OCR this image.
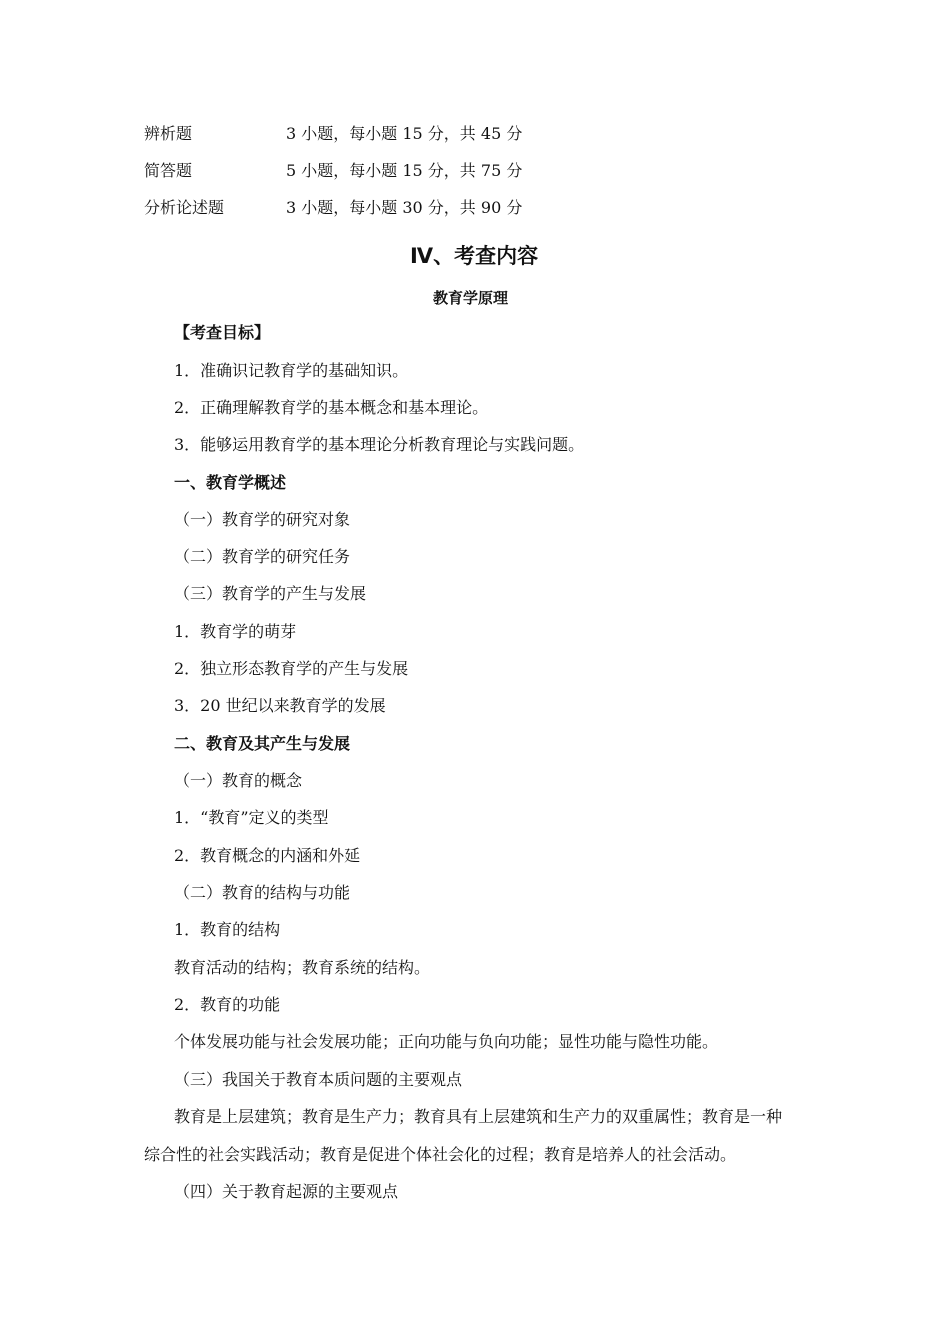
辨析题	3 小题，每小题 15 分，共 45 分
简答题	5 小题，每小题 15 分，共 75 分
分析论述题	3 小题，每小题 30 分，共 90 分
Ⅳ、考查内容
教育学原理
【考查目标】
1．准确识记教育学的基础知识。
2．正确理解教育学的基本概念和基本理论。
3．能够运用教育学的基本理论分析教育理论与实践问题。
一、教育学概述
（一）教育学的研究对象
（二）教育学的研究任务
（三）教育学的产生与发展
1．教育学的萌芽
2．独立形态教育学的产生与发展
3．20 世纪以来教育学的发展
二、教育及其产生与发展
（一）教育的概念
1．“教育”定义的类型
2．教育概念的内涵和外延
（二）教育的结构与功能
1．教育的结构
教育活动的结构；教育系统的结构。
2．教育的功能
个体发展功能与社会发展功能；正向功能与负向功能；显性功能与隐性功能。
（三）我国关于教育本质问题的主要观点
教育是上层建筑；教育是生产力；教育具有上层建筑和生产力的双重属性；教育是一种
综合性的社会实践活动；教育是促进个体社会化的过程；教育是培养人的社会活动。
（四）关于教育起源的主要观点
